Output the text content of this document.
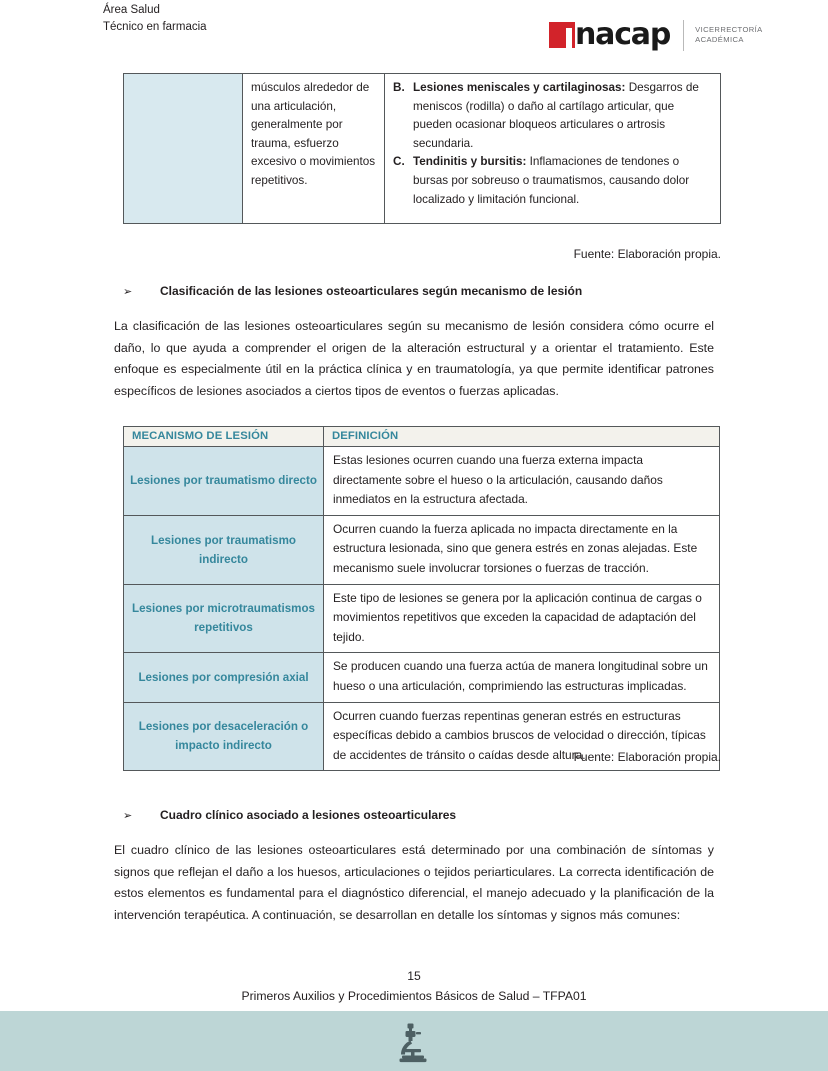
Área Salud
Técnico en farmacia	nacap	VICERRECTORÍA
ACADÉMICA
	músculos alrededor de una articulación, generalmente por trauma, esfuerzo excesivo o movimientos repetitivos.	
B. Lesiones meniscales y cartilaginosas: Desgarros de meniscos (rodilla) o daño al cartílago articular, que pueden ocasionar bloqueos articulares o artrosis secundaria.
C. Tendinitis y bursitis: Inflamaciones de tendones o bursas por sobreuso o traumatismos, causando dolor localizado y limitación funcional.
Fuente: Elaboración propia.
➢	Clasificación de las lesiones osteoarticulares según mecanismo de lesión
La clasificación de las lesiones osteoarticulares según su mecanismo de lesión considera cómo ocurre el daño, lo que ayuda a comprender el origen de la alteración estructural y a orientar el tratamiento. Este enfoque es especialmente útil en la práctica clínica y en traumatología, ya que permite identificar patrones específicos de lesiones asociados a ciertos tipos de eventos o fuerzas aplicadas.
MECANISMO DE LESIÓN	DEFINICIÓN
Lesiones por traumatismo directo	Estas lesiones ocurren cuando una fuerza externa impacta directamente sobre el hueso o la articulación, causando daños inmediatos en la estructura afectada.
Lesiones por traumatismo indirecto	Ocurren cuando la fuerza aplicada no impacta directamente en la estructura lesionada, sino que genera estrés en zonas alejadas. Este mecanismo suele involucrar torsiones o fuerzas de tracción.
Lesiones por microtraumatismos repetitivos	Este tipo de lesiones se genera por la aplicación continua de cargas o movimientos repetitivos que exceden la capacidad de adaptación del tejido.
Lesiones por compresión axial	Se producen cuando una fuerza actúa de manera longitudinal sobre un hueso o una articulación, comprimiendo las estructuras implicadas.
Lesiones por desaceleración o impacto indirecto	Ocurren cuando fuerzas repentinas generan estrés en estructuras específicas debido a cambios bruscos de velocidad o dirección, típicas de accidentes de tránsito o caídas desde altura.
Fuente: Elaboración propia.
➢	Cuadro clínico asociado a lesiones osteoarticulares
El cuadro clínico de las lesiones osteoarticulares está determinado por una combinación de síntomas y signos que reflejan el daño a los huesos, articulaciones o tejidos periarticulares. La correcta identificación de estos elementos es fundamental para el diagnóstico diferencial, el manejo adecuado y la planificación de la intervención terapéutica. A continuación, se desarrollan en detalle los síntomas y signos más comunes:
15
Primeros Auxilios y Procedimientos Básicos de Salud – TFPA01
